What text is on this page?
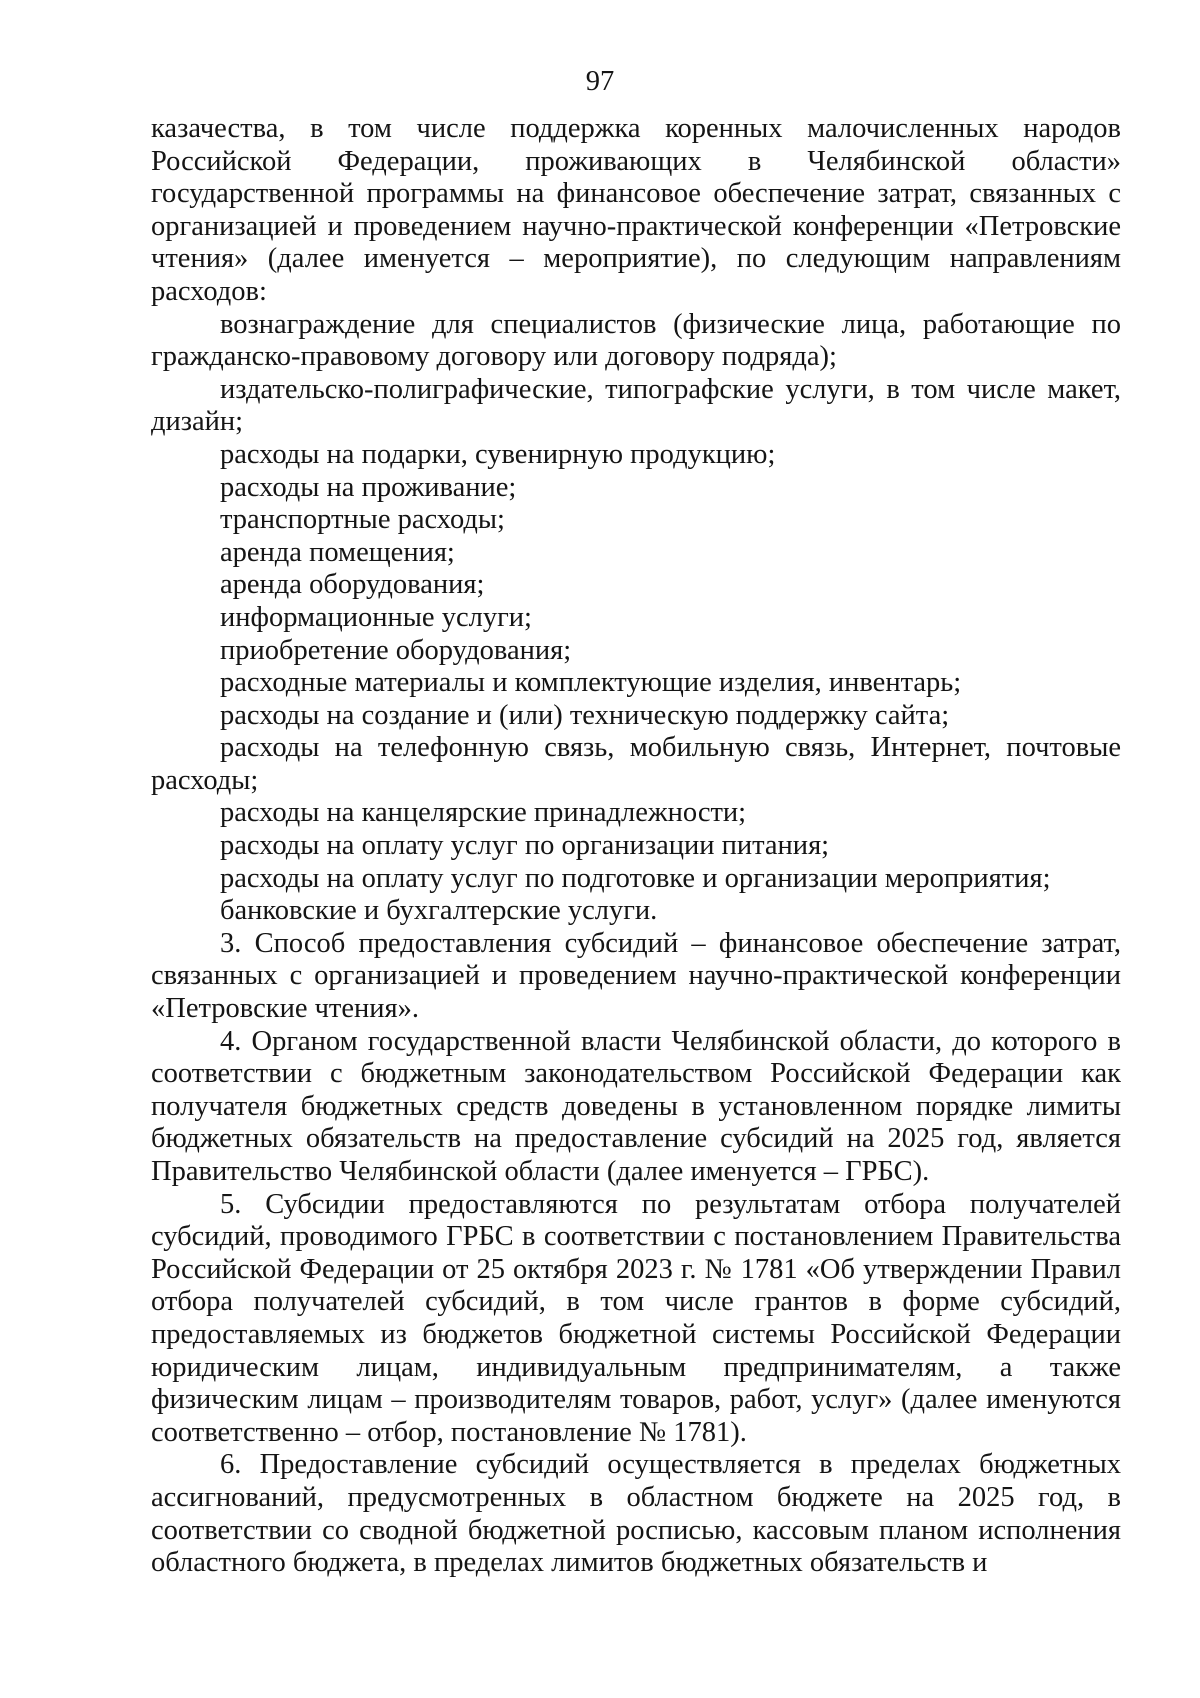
97

казачества, в том числе поддержка коренных малочисленных народов Российской Федерации, проживающих в Челябинской области» государственной программы на финансовое обеспечение затрат, связанных с организацией и проведением научно-практической конференции «Петровские чтения» (далее именуется – мероприятие), по следующим направлениям расходов:

вознаграждение для специалистов (физические лица, работающие по гражданско-правовому договору или договору подряда);

издательско-полиграфические, типографские услуги, в том числе макет, дизайн;

расходы на подарки, сувенирную продукцию;

расходы на проживание;

транспортные расходы;

аренда помещения;

аренда оборудования;

информационные услуги;

приобретение оборудования;

расходные материалы и комплектующие изделия, инвентарь;

расходы на создание и (или) техническую поддержку сайта;

расходы на телефонную связь, мобильную связь, Интернет, почтовые расходы;

расходы на канцелярские принадлежности;

расходы на оплату услуг по организации питания;

расходы на оплату услуг по подготовке и организации мероприятия;

банковские и бухгалтерские услуги.

3. Способ предоставления субсидий – финансовое обеспечение затрат, связанных с организацией и проведением научно-практической конференции «Петровские чтения».

4. Органом государственной власти Челябинской области, до которого в соответствии с бюджетным законодательством Российской Федерации как получателя бюджетных средств доведены в установленном порядке лимиты бюджетных обязательств на предоставление субсидий на 2025 год, является Правительство Челябинской области (далее именуется – ГРБС).

5. Субсидии предоставляются по результатам отбора получателей субсидий, проводимого ГРБС в соответствии с постановлением Правительства Российской Федерации от 25 октября 2023 г. № 1781 «Об утверждении Правил отбора получателей субсидий, в том числе грантов в форме субсидий, предоставляемых из бюджетов бюджетной системы Российской Федерации юридическим лицам, индивидуальным предпринимателям, а также физическим лицам – производителям товаров, работ, услуг» (далее именуются соответственно – отбор, постановление № 1781).

6. Предоставление субсидий осуществляется в пределах бюджетных ассигнований, предусмотренных в областном бюджете на 2025 год, в соответствии со сводной бюджетной росписью, кассовым планом исполнения областного бюджета, в пределах лимитов бюджетных обязательств и
